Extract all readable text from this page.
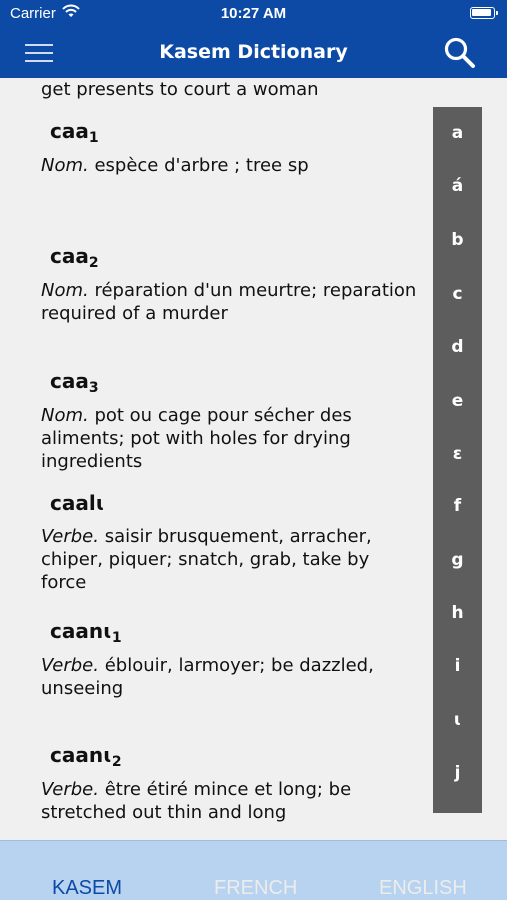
Carrier	10:27 AM
Kasem Dictionary
get presents to court a woman
caa$_1$
Nom. espèce d'arbre ; tree sp
caa$_2$
Nom. réparation d'un meurtre; reparation required of a murder
caa$_3$
Nom. pot ou cage pour sécher des aliments; pot with holes for drying ingredients
caalɩ
Verbe. saisir brusquement, arracher, chiper, piquer; snatch, grab, take by force
caanɩ$_1$
Verbe. éblouir, larmoyer; be dazzled, unseeing
caanɩ$_2$
Verbe. être étiré mince et long; be stretched out thin and long
a
á
b
c
d
e
ɛ
f
g
h
i
ɩ
j
KASEM	FRENCH	ENGLISH
